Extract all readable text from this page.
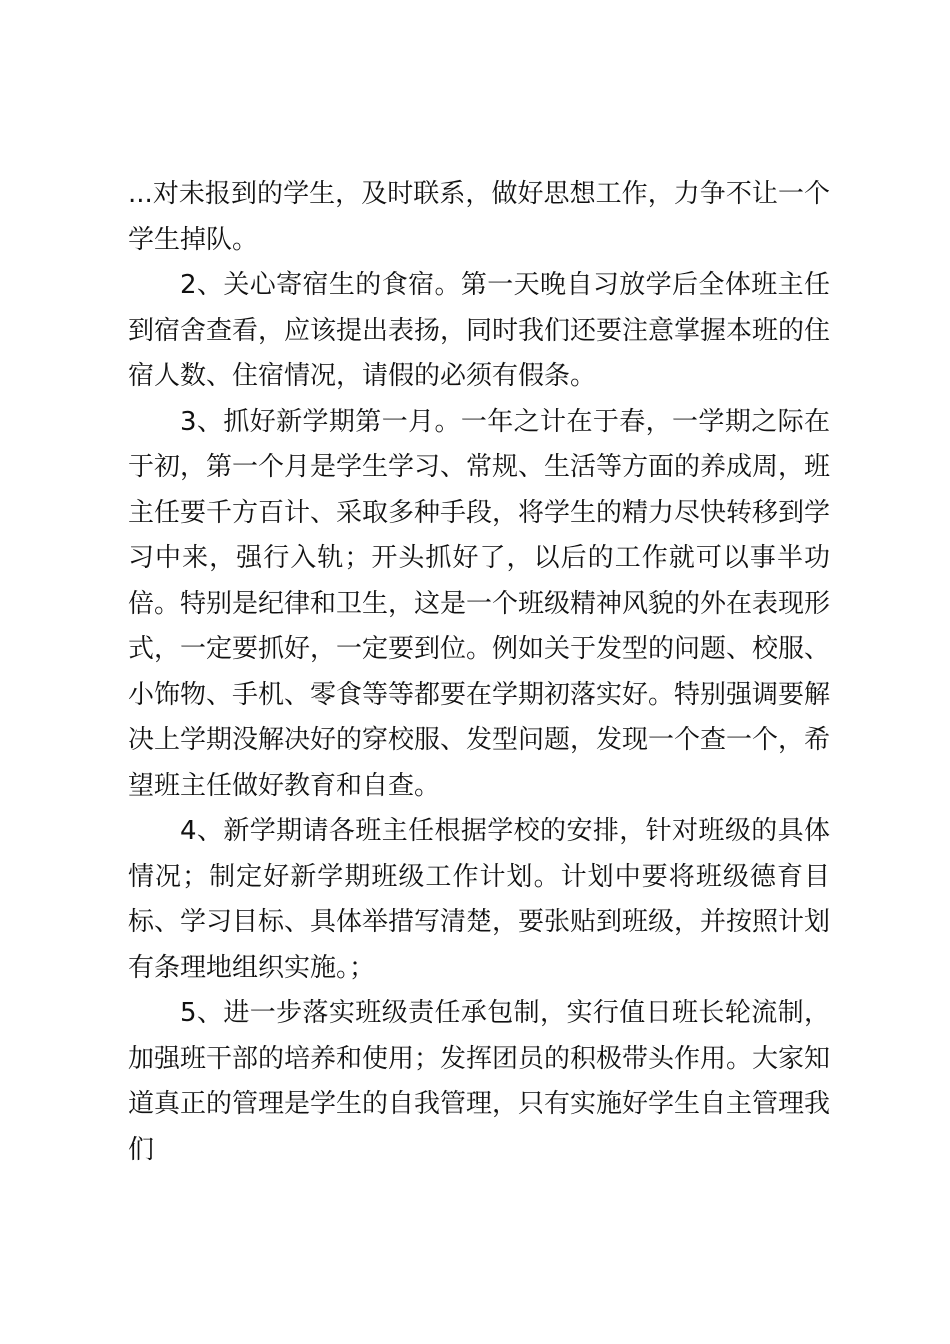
...对未报到的学生，及时联系，做好思想工作，力争不让一个学生掉队。

2、关心寄宿生的食宿。第一天晚自习放学后全体班主任到宿舍查看，应该提出表扬，同时我们还要注意掌握本班的住宿人数、住宿情况，请假的必须有假条。

3、抓好新学期第一月。一年之计在于春，一学期之际在于初，第一个月是学生学习、常规、生活等方面的养成周，班主任要千方百计、采取多种手段，将学生的精力尽快转移到学习中来，强行入轨；开头抓好了，以后的工作就可以事半功倍。特别是纪律和卫生，这是一个班级精神风貌的外在表现形式，一定要抓好，一定要到位。例如关于发型的问题、校服、小饰物、手机、零食等等都要在学期初落实好。特别强调要解决上学期没解决好的穿校服、发型问题，发现一个查一个，希望班主任做好教育和自查。

4、新学期请各班主任根据学校的安排，针对班级的具体情况；制定好新学期班级工作计划。计划中要将班级德育目标、学习目标、具体举措写清楚，要张贴到班级，并按照计划有条理地组织实施。；

5、进一步落实班级责任承包制，实行值日班长轮流制，加强班干部的培养和使用；发挥团员的积极带头作用。大家知道真正的管理是学生的自我管理，只有实施好学生自主管理我们
